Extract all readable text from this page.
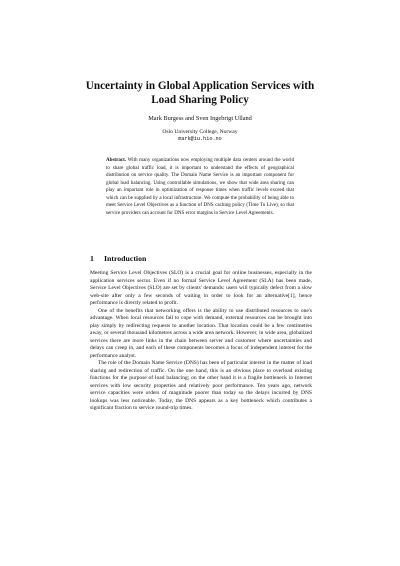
Uncertainty in Global Application Services with
Load Sharing Policy
Mark Burgess and Sven Ingebrigt Ulland
Oslo University College, Norway
mark@iu.hio.no
Abstract. With many organizations now employing multiple data centers around the world to share global traffic load, it is important to understand the effects of geographical distribution on service quality. The Domain Name Service is an important component for global load balancing. Using controllable simulations, we show that wide area sharing can play an important role in optimization of response times when traffic levels exceed that which can be supplied by a local infrastructure. We compute the probability of being able to meet Service Level Objectives as a function of DNS caching policy (Time To Live), so that service providers can account for DNS error margins in Service Level Agreements.
1 Introduction

Meeting Service Level Objectives (SLO) is a crucial goal for online businesses, especially in the application services sector. Even if no formal Service Level Agreement (SLA) has been made, Service Level Objectives (SLO) are set by clients' demands: users will typically defect from a slow web-site after only a few seconds of waiting in order to look for an alternative[1], hence performance is directly related to profit.

One of the benefits that networking offers is the ability to use distributed resources to one's advantage. When local resources fail to cope with demand, external resources can be brought into play simply by redirecting requests to another location. That location could be a few centimetres away, or several thousand kilometres across a wide area network. However, in wide area, globalized services there are more links in the chain between server and customer where uncertainties and delays can creep in, and each of these components becomes a focus of independent interest for the performance analyst.

The role of the Domain Name Service (DNS) has been of particular interest in the matter of load sharing and redirection of traffic. On the one hand, this is an obvious place to overload existing functions for the purpose of load balancing; on the other hand it is a fragile bottleneck in Internet services with low security properties and relatively poor performance. Ten years ago, network service capacities were orders of magnitude poorer than today so the delays incurred by DNS lookups was less noticeable. Today, the DNS appears as a key bottleneck which contributes a significant fraction to service round-trip times.
